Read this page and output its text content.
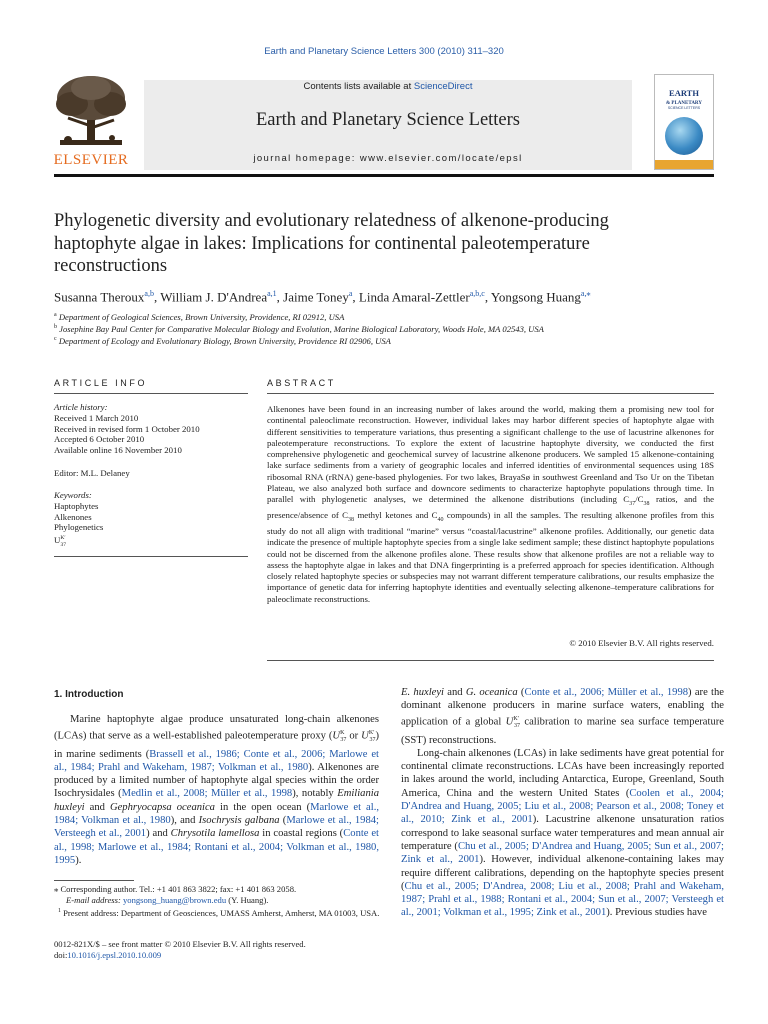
Earth and Planetary Science Letters 300 (2010) 311–320
ELSEVIER
Contents lists available at ScienceDirect
Earth and Planetary Science Letters
journal homepage: www.elsevier.com/locate/epsl
EARTH
& PLANETARY
SCIENCE LETTERS
Phylogenetic diversity and evolutionary relatedness of alkenone-producing haptophyte algae in lakes: Implications for continental paleotemperature reconstructions
Susanna Theroux$^{a,b}$, William J. D'Andrea$^{a,1}$, Jaime Toney$^a$, Linda Amaral-Zettler$^{a,b,c}$, Yongsong Huang$^{a,⁎}$
$^a$ Department of Geological Sciences, Brown University, Providence, RI 02912, USA
$^b$ Josephine Bay Paul Center for Comparative Molecular Biology and Evolution, Marine Biological Laboratory, Woods Hole, MA 02543, USA
$^c$ Department of Ecology and Evolutionary Biology, Brown University, Providence RI 02906, USA
ARTICLE INFO	ABSTRACT
Article history:
Received 1 March 2010
Received in revised form 1 October 2010
Accepted 6 October 2010
Available online 16 November 2010
Editor: M.L. Delaney
Keywords:
Haptophytes
Alkenones
Phylogenetics
$U^{K'}_{37}$
Alkenones have been found in an increasing number of lakes around the world, making them a promising new tool for continental paleoclimate reconstruction. However, individual lakes may harbor different species of haptophyte algae with different sensitivities to temperature variations, thus presenting a significant challenge to the use of lacustrine alkenones for paleotemperature reconstructions. To explore the extent of lacustrine haptophyte diversity, we conducted the first comprehensive phylogenetic and geochemical survey of lacustrine alkenone producers. We sampled 15 alkenone-containing lake surface sediments from a variety of geographic locales and inferred identities of environmental sequences using 18S ribosomal RNA (rRNA) gene-based phylogenies. For two lakes, BrayaSø in southwest Greenland and Tso Ur on the Tibetan Plateau, we also analyzed both surface and downcore sediments to characterize haptophyte populations through time. In parallel with phylogenetic analyses, we determined the alkenone distributions (including $C_{37}/C_{38}$ ratios, and the presence/absence of $C_{38}$ methyl ketones and $C_{40}$ compounds) in all the samples. The resulting alkenone profiles from this study do not all align with traditional “marine” versus “coastal/lacustrine” alkenone profiles. Additionally, our genetic data indicate the presence of multiple haptophyte species from a single lake sediment sample; these distinct haptophyte populations could not be discerned from the alkenone profiles alone. These results show that alkenone profiles are not a reliable way to assess the haptophyte algae in lakes and that DNA fingerprinting is a preferred approach for species identification. Although closely related haptophyte species or subspecies may not warrant different temperature calibrations, our results emphasize the importance of genetic data for inferring haptophyte identities and eventually selecting alkenone–temperature calibrations for paleoclimate reconstructions.
© 2010 Elsevier B.V. All rights reserved.
1. Introduction

Marine haptophyte algae produce unsaturated long-chain alkenones (LCAs) that serve as a well-established paleotemperature proxy ($U^K_{37}$ or $U^{K'}_{37}$) in marine sediments (Brassell et al., 1986; Conte et al., 2006; Marlowe et al., 1984; Prahl and Wakeham, 1987; Volkman et al., 1980). Alkenones are produced by a limited number of haptophyte algal species within the order Isochrysidales (Medlin et al., 2008; Müller et al., 1998), notably Emiliania huxleyi and Gephryocapsa oceanica in the open ocean (Marlowe et al., 1984; Volkman et al., 1980), and Isochrysis galbana (Marlowe et al., 1984; Versteegh et al., 2001) and Chrysotila lamellosa in coastal regions (Conte et al., 1998; Marlowe et al., 1984; Rontani et al., 2004; Volkman et al., 1980, 1995).

⁎ Corresponding author. Tel.: +1 401 863 3822; fax: +1 401 863 2058.
E-mail address: yongsong_huang@brown.edu (Y. Huang).
$^1$ Present address: Department of Geosciences, UMASS Amherst, Amherst, MA 01003, USA.
0012-821X/$ – see front matter © 2010 Elsevier B.V. All rights reserved.
doi:10.1016/j.epsl.2010.10.009

E. huxleyi and G. oceanica (Conte et al., 2006; Müller et al., 1998) are the dominant alkenone producers in marine surface waters, enabling the application of a global $U^{K'}_{37}$ calibration to marine sea surface temperature (SST) reconstructions.

Long-chain alkenones (LCAs) in lake sediments have great potential for continental climate reconstructions. LCAs have been increasingly reported in lakes around the world, including Antarctica, Europe, Greenland, South America, China and the western United States (Coolen et al., 2004; D'Andrea and Huang, 2005; Liu et al., 2008; Pearson et al., 2008; Toney et al., 2010; Zink et al., 2001). Lacustrine alkenone unsaturation ratios correspond to lake seasonal surface water temperatures and mean annual air temperature (Chu et al., 2005; D'Andrea and Huang, 2005; Sun et al., 2007; Zink et al., 2001). However, individual alkenone-containing lakes may require different calibrations, depending on the haptophyte species present (Chu et al., 2005; D'Andrea, 2008; Liu et al., 2008; Prahl and Wakeham, 1987; Prahl et al., 1988; Rontani et al., 2004; Sun et al., 2007; Versteegh et al., 2001; Volkman et al., 1995; Zink et al., 2001). Previous studies have
